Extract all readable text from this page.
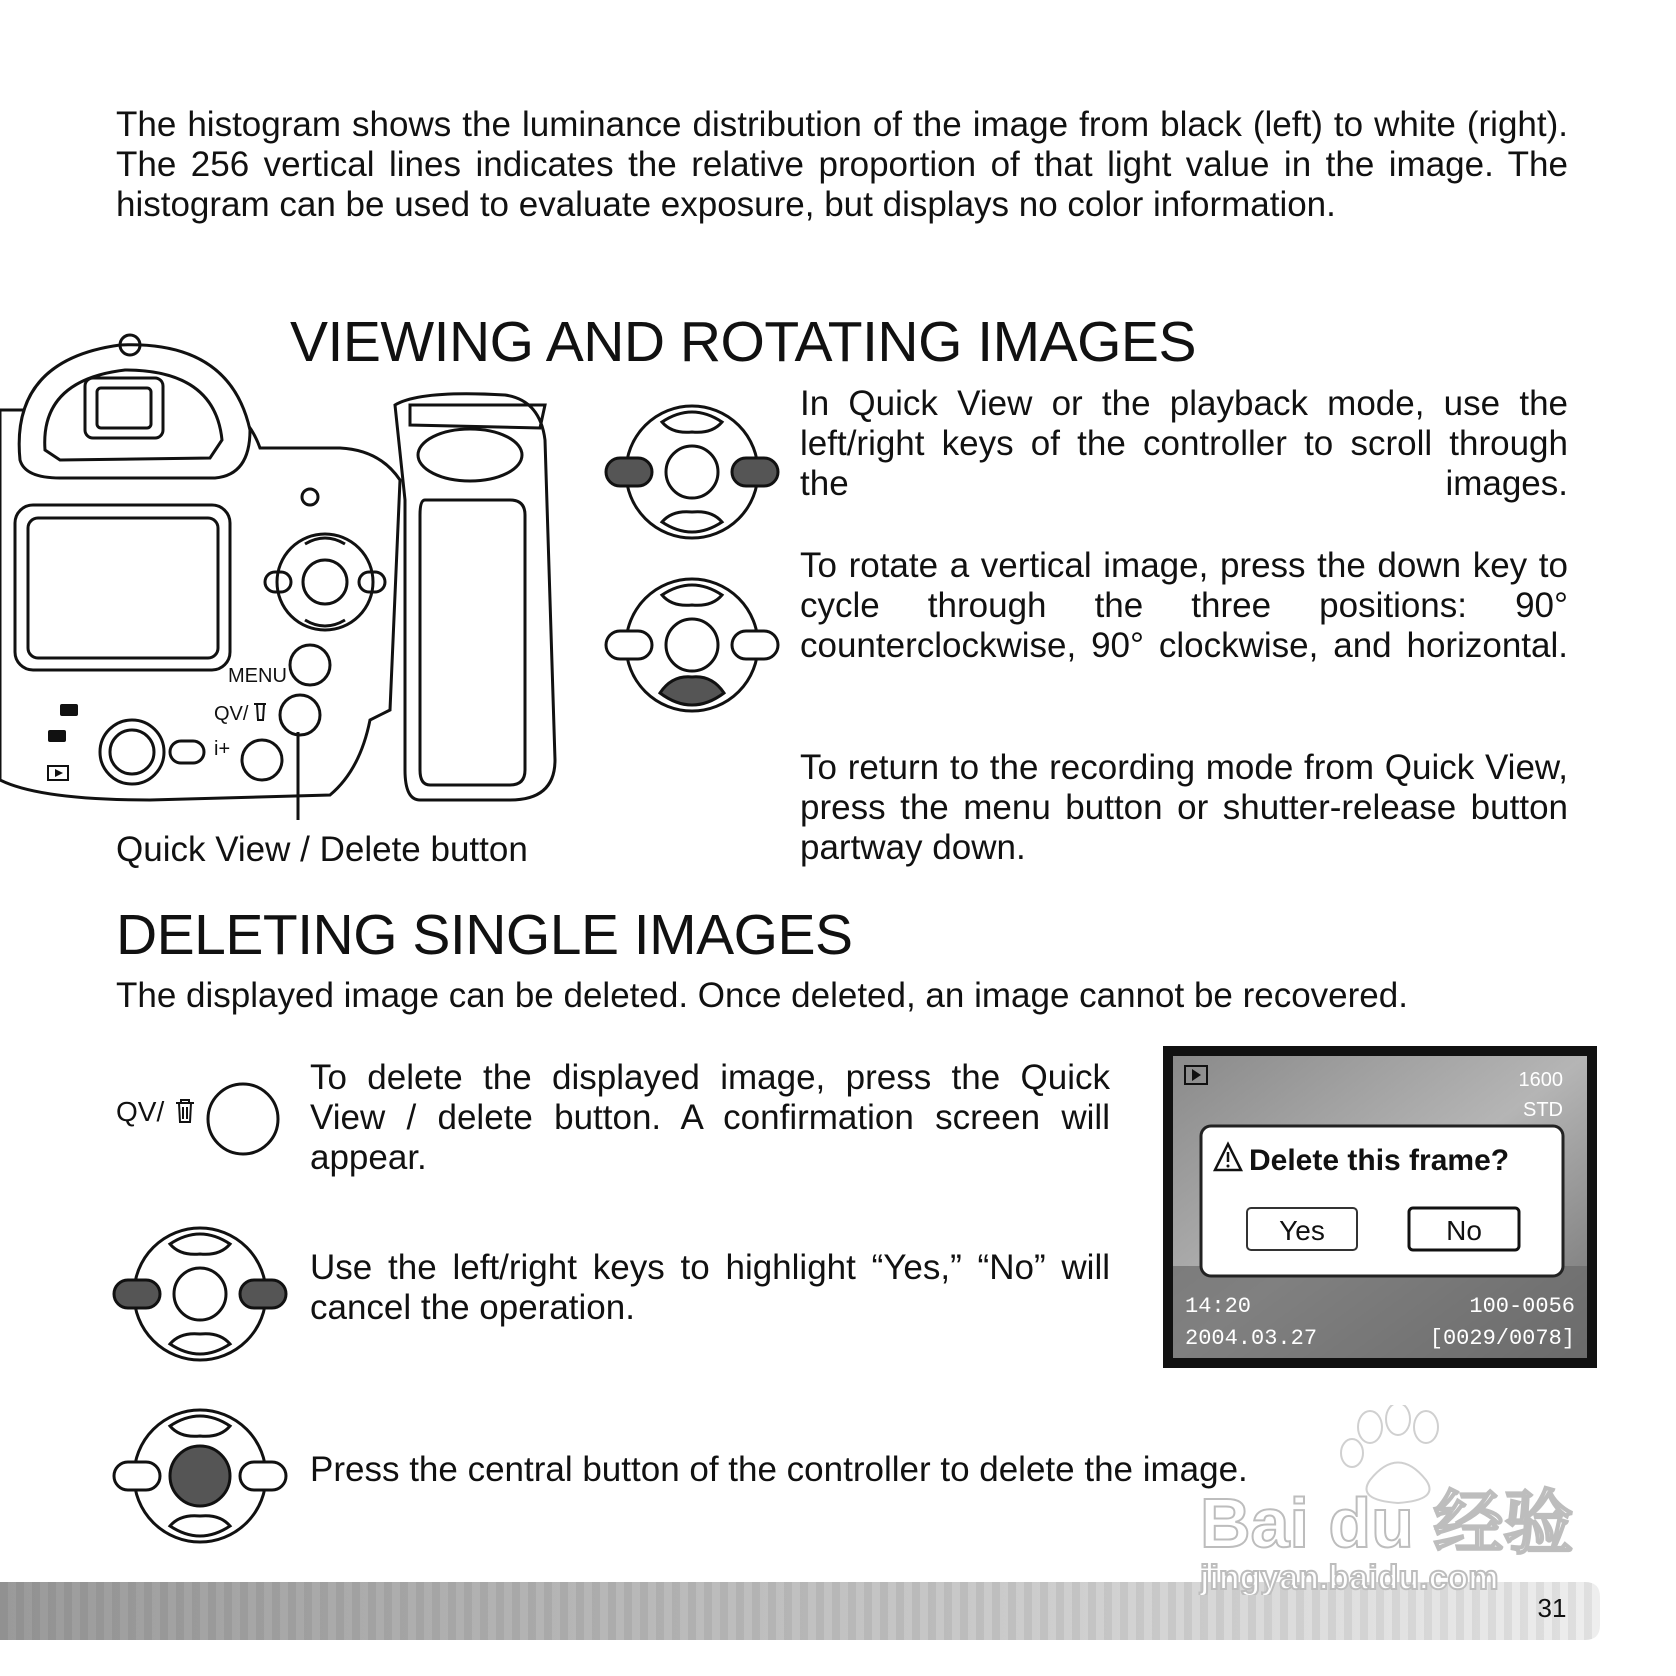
The histogram shows the luminance distribution of the image from black (left) to white (right). The 256 vertical lines indicates the relative proportion of that light value in the image. The histogram can be used to evaluate exposure, but displays no color information.

MENU
QV/
i+
VIEWING AND ROTATING IMAGES

In Quick View or the playback mode, use the left/right keys of the controller to scroll through the images.

To rotate a vertical image, press the down key to cycle through the three positions: 90° counterclockwise, 90° clockwise, and horizontal.

To return to the recording mode from Quick View, press the menu button or shutter-release button partway down.

Quick View / Delete button
DELETING SINGLE IMAGES
The displayed image can be deleted. Once deleted, an image cannot be recovered.
QV/

To delete the displayed image, press the Quick View / delete button. A confirmation screen will appear.

Use the left/right keys to highlight “Yes,” “No” will cancel the operation.

Press the central button of the controller to delete the image.

1600
STD
14:20
2004.03.27
100-0056
[0029/0078]
Delete this frame?
Yes	No
31
Bai du 经验
jingyan.baidu.com
